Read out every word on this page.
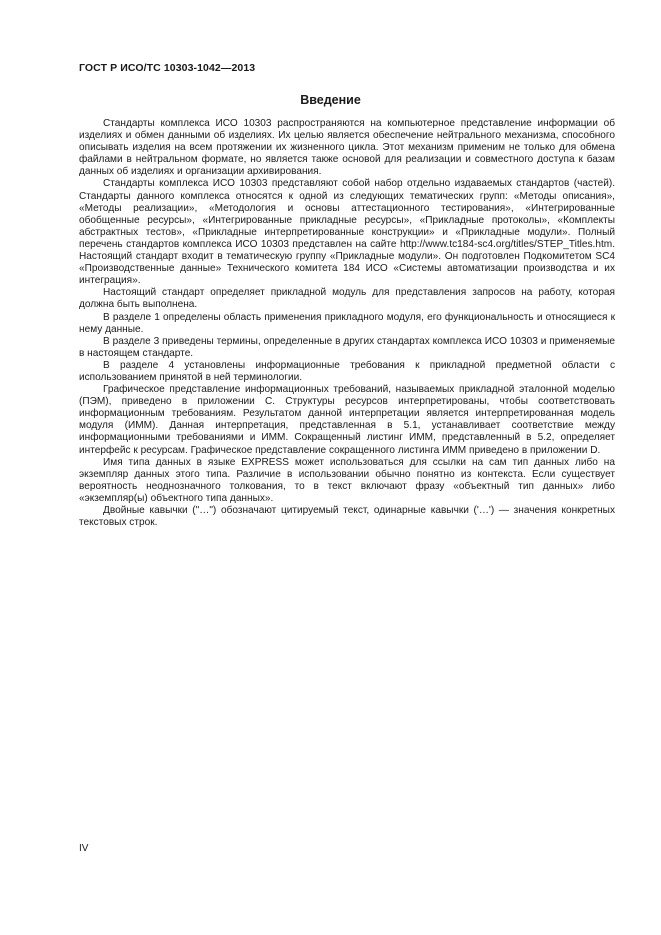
ГОСТ Р ИСО/ТС 10303-1042—2013
Введение

Стандарты комплекса ИСО 10303 распространяются на компьютерное представление информации об изделиях и обмен данными об изделиях. Их целью является обеспечение нейтрального механизма, способного описывать изделия на всем протяжении их жизненного цикла. Этот механизм применим не только для обмена файлами в нейтральном формате, но является также основой для реализации и совместного доступа к базам данных об изделиях и организации архивирования.

Стандарты комплекса ИСО 10303 представляют собой набор отдельно издаваемых стандартов (частей). Стандарты данного комплекса относятся к одной из следующих тематических групп: «Методы описания», «Методы реализации», «Методология и основы аттестационного тестирования», «Интегрированные обобщенные ресурсы», «Интегрированные прикладные ресурсы», «Прикладные протоколы», «Комплекты абстрактных тестов», «Прикладные интерпретированные конструкции» и «Прикладные модули». Полный перечень стандартов комплекса ИСО 10303 представлен на сайте http://www.tc184-sc4.org/titles/STEP_Titles.htm. Настоящий стандарт входит в тематическую группу «Прикладные модули». Он подготовлен Подкомитетом SC4 «Производственные данные» Технического комитета 184 ИСО «Системы автоматизации производства и их интеграция».

Настоящий стандарт определяет прикладной модуль для представления запросов на работу, которая должна быть выполнена.

В разделе 1 определены область применения прикладного модуля, его функциональность и относящиеся к нему данные.

В разделе 3 приведены термины, определенные в других стандартах комплекса ИСО 10303 и применяемые в настоящем стандарте.

В разделе 4 установлены информационные требования к прикладной предметной области с использованием принятой в ней терминологии.

Графическое представление информационных требований, называемых прикладной эталонной моделью (ПЭМ), приведено в приложении С. Структуры ресурсов интерпретированы, чтобы соответствовать информационным требованиям. Результатом данной интерпретации является интерпретированная модель модуля (ИММ). Данная интерпретация, представленная в 5.1, устанавливает соответствие между информационными требованиями и ИММ. Сокращенный листинг ИММ, представленный в 5.2, определяет интерфейс к ресурсам. Графическое представление сокращенного листинга ИММ приведено в приложении D.

Имя типа данных в языке EXPRESS может использоваться для ссылки на сам тип данных либо на экземпляр данных этого типа. Различие в использовании обычно понятно из контекста. Если существует вероятность неоднозначного толкования, то в текст включают фразу «объектный тип данных» либо «экземпляр(ы) объектного типа данных».

Двойные кавычки ("…") обозначают цитируемый текст, одинарные кавычки ('…') — значения конкретных текстовых строк.

IV
